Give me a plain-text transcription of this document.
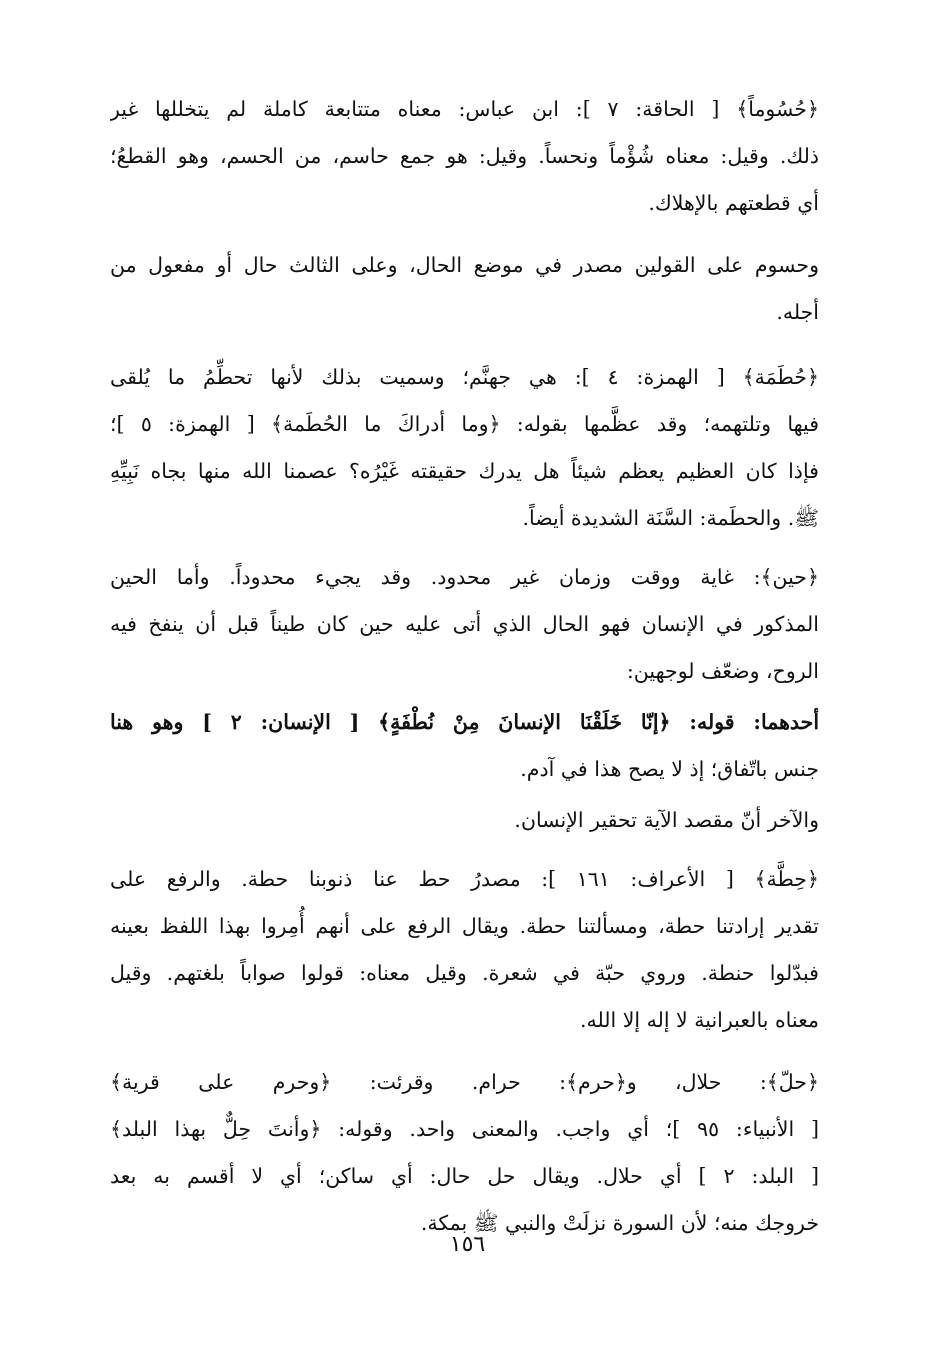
﴿حُسُوماً﴾ [ الحاقة: ٧ ]: ابن عباس: معناه متتابعة كاملة لم يتخللها غير
ذلك. وقيل: معناه شُؤْماً ونحساً. وقيل: هو جمع حاسم، من الحسم، وهو القطعُ؛
أي قطعتهم بالإهلاك.
وحسوم على القولين مصدر في موضع الحال، وعلى الثالث حال أو مفعول من
أجله.
﴿حُطَمَة﴾ [ الهمزة: ٤ ]: هي جهنَّم؛ وسميت بذلك لأنها تحطِّمُ ما يُلقى
فيها وتلتهمه؛ وقد عظَّمها بقوله: ﴿وما أدراكَ ما الحُطَمة﴾ [ الهمزة: ٥ ]؛
فإذا كان العظيم يعظم شيئاً هل يدرك حقيقته غَيْرُه؟ عصمنا الله منها بجاه نَبِيِّهِ
ﷺ. والحطَمة: السَّنَة الشديدة أيضاً.
﴿حين﴾: غاية ووقت وزمان غير محدود. وقد يجيء محدوداً. وأما الحين
المذكور في الإنسان فهو الحال الذي أتى عليه حين كان طيناً قبل أن ينفخ فيه
الروح، وضعّف لوجهين:
أحدهما: قوله: ﴿إنّا خَلَقْنَا الإنسانَ مِنْ نُطْفَةٍ﴾ [ الإنسان: ٢ ] وهو هنا
جنس باتّفاق؛ إذ لا يصح هذا في آدم.
والآخر أنّ مقصد الآية تحقير الإنسان.
﴿حِطَّة﴾ [ الأعراف: ١٦١ ]: مصدرُ حط عنا ذنوبنا حطة. والرفع على
تقدير إرادتنا حطة، ومسألتنا حطة. ويقال الرفع على أنهم أُمِروا بهذا اللفظ بعينه
فبدّلوا حنطة. وروي حبّة في شعرة. وقيل معناه: قولوا صواباً بلغتهم. وقيل
معناه بالعبرانية لا إله إلا الله.
﴿حلّ﴾: حلال، و﴿حرم﴾: حرام. وقرئت: ﴿وحرم على قرية﴾
[ الأنبياء: ٩٥ ]؛ أي واجب. والمعنى واحد. وقوله: ﴿وأنتَ حِلٌّ بهذا البلد﴾
[ البلد: ٢ ] أي حلال. ويقال حل حال: أي ساكن؛ أي لا أقسم به بعد
خروجك منه؛ لأن السورة نزلَتْ والنبي ﷺ بمكة.
١٥٦
